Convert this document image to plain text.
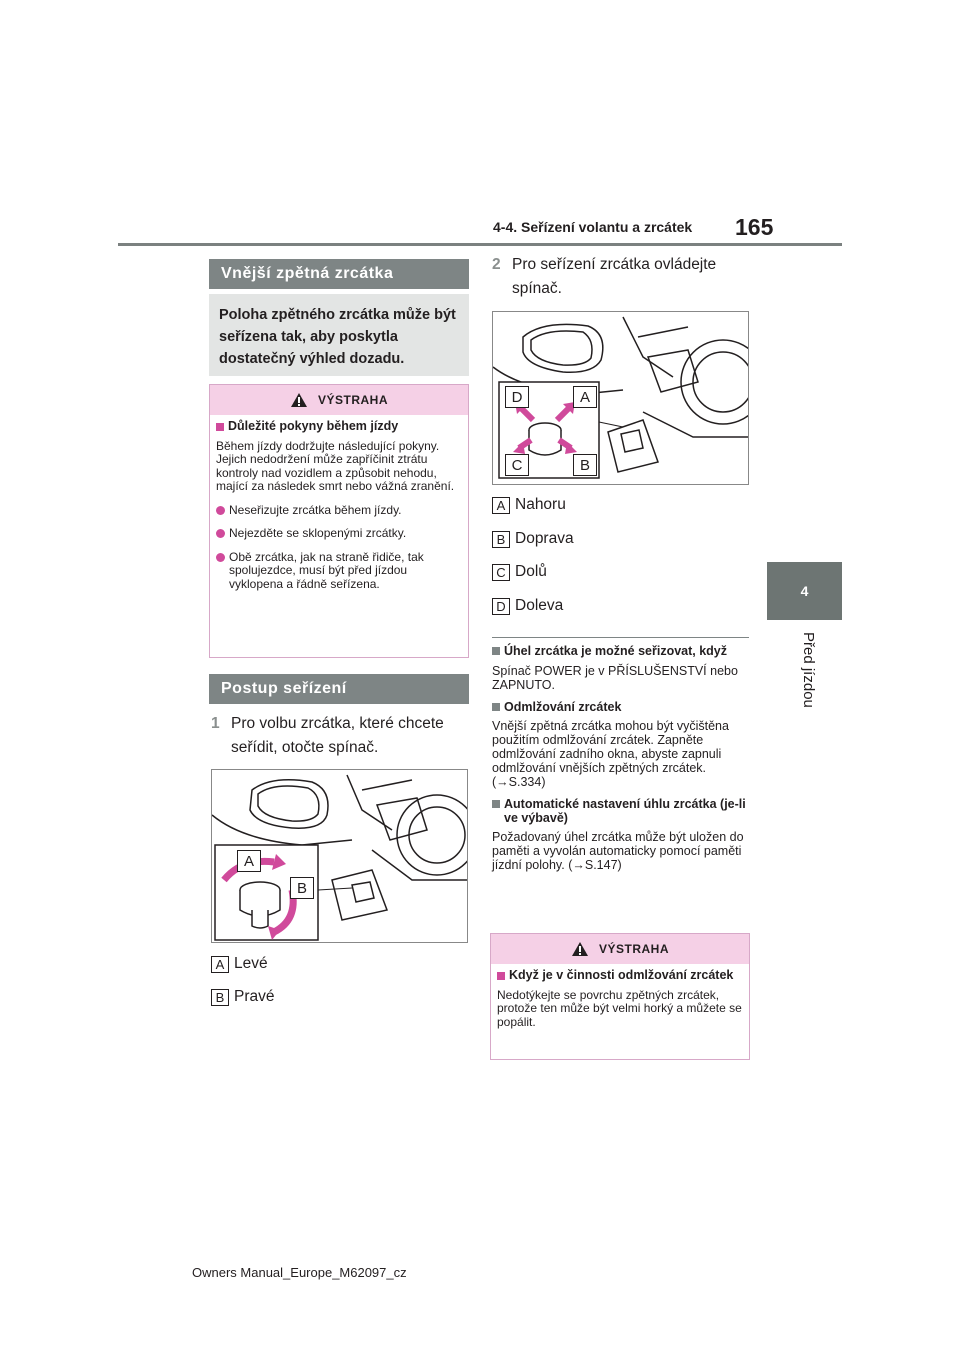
4-4. Seřízení volantu a zrcátek 165
4
Před jízdou
Vnější zpětná zrcátka
Poloha zpětného zrcátka může být seřízena tak, aby poskytla dostatečný výhled dozadu.
VÝSTRAHA
Důležité pokyny během jízdy
Během jízdy dodržujte následující pokyny. Jejich nedodržení může zapříčinit ztrátu kontroly nad vozidlem a způsobit nehodu, mající za následek smrt nebo vážná zranění.
Neseřizujte zrcátka během jízdy.
Nejezděte se sklopenými zrcátky.
Obě zrcátka, jak na straně řidiče, tak spolujezdce, musí být před jízdou vyklopena a řádně seřízena.
Postup seřízení
1 Pro volbu zrcátka, které chcete seřídit, otočte spínač.
A
B
A Levé
B Pravé
2 Pro seřízení zrcátka ovládejte spínač.
D	A
C	B
A Nahoru
B Doprava
C Dolů
D Doleva
Úhel zrcátka je možné seřizovat, když
Spínač POWER je v PŘÍSLUŠENSTVÍ nebo ZAPNUTO.
Odmlžování zrcátek
Vnější zpětná zrcátka mohou být vyčištěna použitím odmlžování zrcátek. Zapněte odmlžování zadního okna, abyste zapnuli odmlžování vnějších zpětných zrcátek. (→S.334)
Automatické nastavení úhlu zrcátka (je-li ve výbavě)
Požadovaný úhel zrcátka může být uložen do paměti a vyvolán automaticky pomocí paměti jízdní polohy. (→S.147)
VÝSTRAHA
Když je v činnosti odmlžování zrcátek
Nedotýkejte se povrchu zpětných zrcátek, protože ten může být velmi horký a můžete se popálit.
Owners Manual_Europe_M62097_cz
